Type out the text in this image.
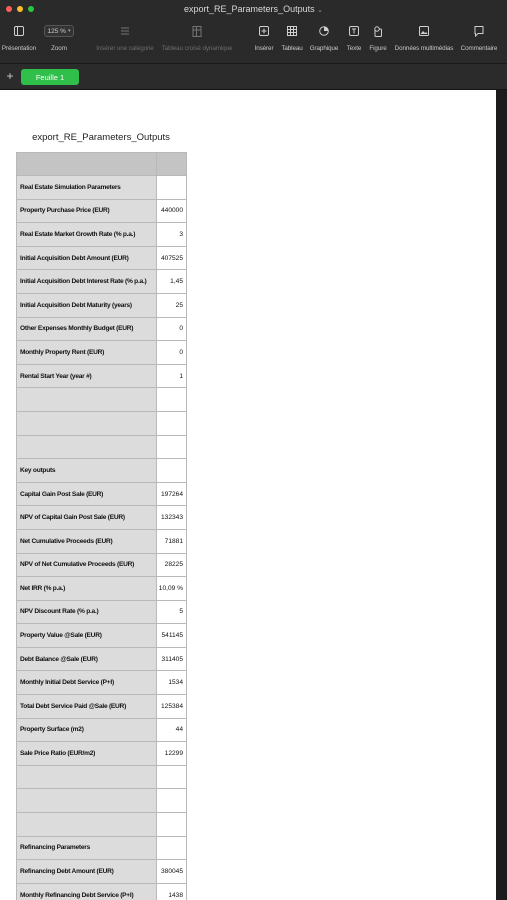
export_RE_Parameters_Outputs ⌄
Présentation
125 % ▾
Zoom	Insérer une catégorie Tableau croisé dynamique	Insérer Tableau Graphique Texte Figure Données multimédias Commentaire
+	Feuille 1
export_RE_Parameters_Outputs

Real Estate Simulation Parameters	
Property Purchase Price (EUR)	440000
Real Estate Market Growth Rate (% p.a.)	3
Initial Acquisition Debt Amount (EUR)	407525
Initial Acquisition Debt Interest Rate (% p.a.)	1,45
Initial Acquisition Debt Maturity (years)	25
Other Expenses Monthly Budget (EUR)	0
Monthly Property Rent (EUR)	0
Rental Start Year (year #)	1

Key outputs	
Capital Gain Post Sale (EUR)	197264
NPV of Capital Gain Post Sale (EUR)	132343
Net Cumulative Proceeds (EUR)	71881
NPV of Net Cumulative Proceeds (EUR)	28225
Net IRR (% p.a.)	10,09 %
NPV Discount Rate (% p.a.)	5
Property Value @Sale (EUR)	541145
Debt Balance @Sale (EUR)	311405
Monthly Initial Debt Service (P+I)	1534
Total Debt Service Paid @Sale (EUR)	125384
Property Surface (m2)	44
Sale Price Ratio (EUR/m2)	12299

Refinancing Parameters	
Refinancing Debt Amount (EUR)	380045
Monthly Refinancing Debt Service (P+I)	1438
